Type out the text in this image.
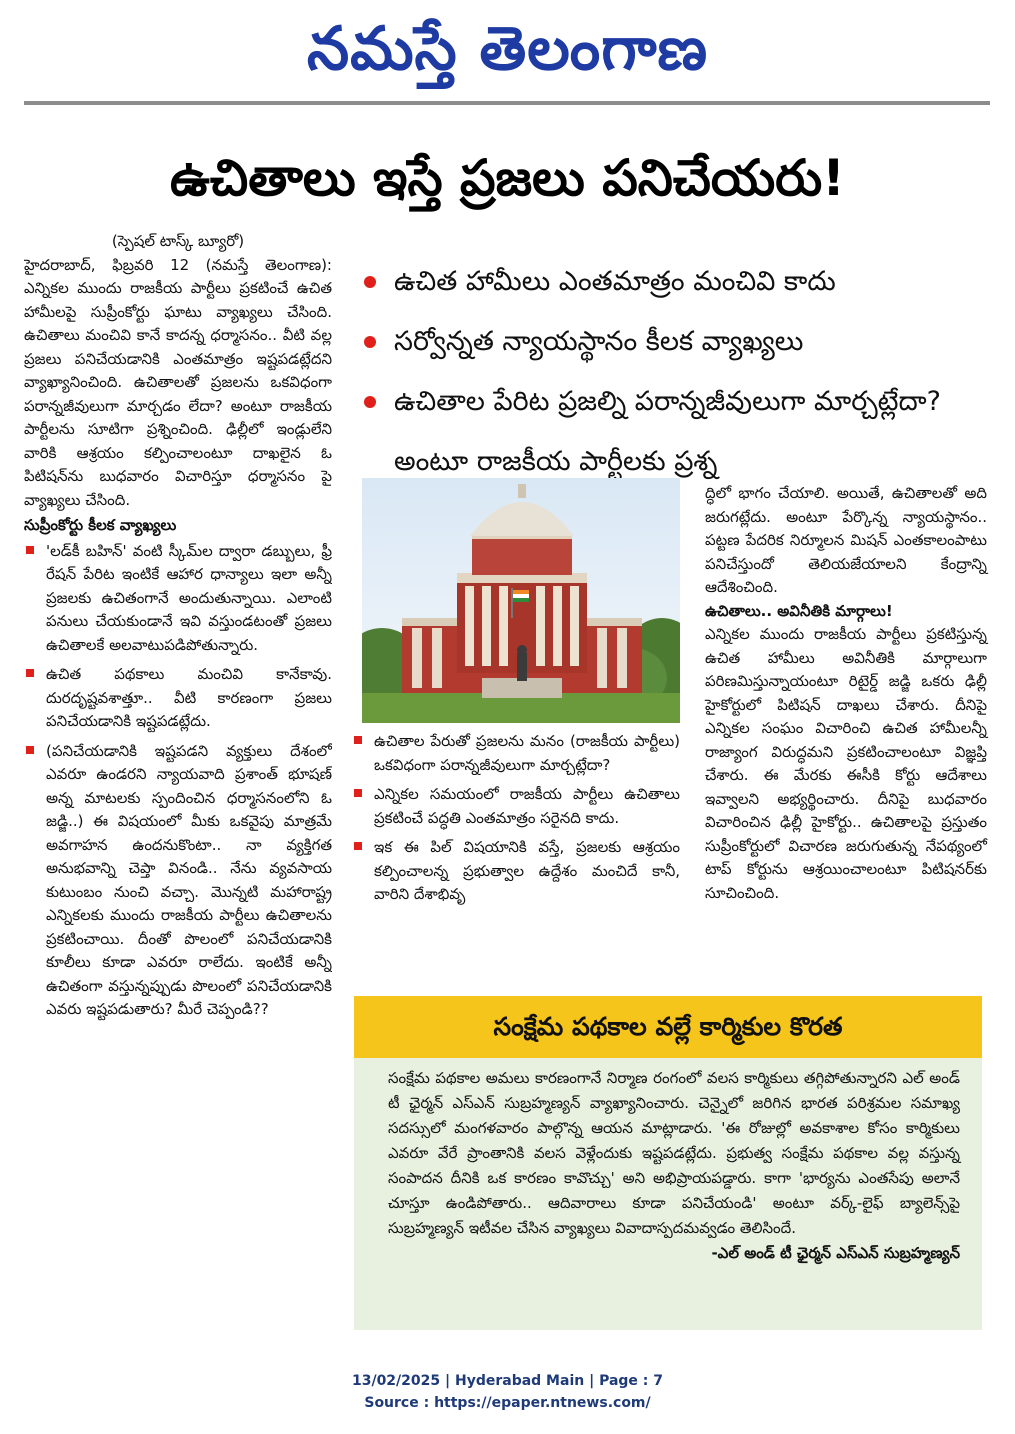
నమస్తే తెలంగాణ
ఉచితాలు ఇస్తే ప్రజలు పనిచేయరు!

(స్పెషల్ టాస్క్ బ్యూరో)

హైదరాబాద్, ఫిబ్రవరి 12 (నమస్తే తెలంగాణ): ఎన్నికల ముందు రాజకీయ పార్టీలు ప్రకటించే ఉచిత హామీలపై సుప్రీంకోర్టు ఘాటు వ్యాఖ్యలు చేసింది. ఉచితాలు మంచివి కానే కాదన్న ధర్మాసనం.. వీటి వల్ల ప్రజలు పనిచేయడానికి ఎంతమాత్రం ఇష్టపడట్లేదని వ్యాఖ్యానించింది. ఉచితాలతో ప్రజలను ఒకవిధంగా పరాన్నజీవులుగా మార్చడం లేదా? అంటూ రాజకీయ పార్టీలను సూటిగా ప్రశ్నించింది. ఢిల్లీలో ఇండ్లులేని వారికి ఆశ్రయం కల్పించాలంటూ దాఖలైన ఓ పిటిషన్‌ను బుధవారం విచారిస్తూ ధర్మాసనం పై వ్యాఖ్యలు చేసింది.

సుప్రీంకోర్టు కీలక వ్యాఖ్యలు

'లడ్‌కీ బహిన్' వంటి స్కీమ్‌ల ద్వారా డబ్బులు, ఫ్రీ రేషన్ పేరిట ఇంటికే ఆహార ధాన్యాలు ఇలా అన్నీ ప్రజలకు ఉచితంగానే అందుతున్నాయి. ఎలాంటి పనులు చేయకుండానే ఇవి వస్తుండటంతో ప్రజలు ఉచితాలకే అలవాటుపడిపోతున్నారు.
ఉచిత పథకాలు మంచివి కానేకావు. దురదృష్టవశాత్తూ.. వీటి కారణంగా ప్రజలు పనిచేయడానికి ఇష్టపడట్లేదు.
(పనిచేయడానికి ఇష్టపడని వ్యక్తులు దేశంలో ఎవరూ ఉండరని న్యాయవాది ప్రశాంత్ భూషణ్ అన్న మాటలకు స్పందించిన ధర్మాసనంలోని ఓ జడ్జి..) ఈ విషయంలో మీకు ఒకవైపు మాత్రమే అవగాహన ఉందనుకొంటా.. నా వ్యక్తిగత అనుభవాన్ని చెప్తా వినండి.. నేను వ్యవసాయ కుటుంబం నుంచి వచ్చా. మొన్నటి మహారాష్ట్ర ఎన్నికలకు ముందు రాజకీయ పార్టీలు ఉచితాలను ప్రకటించాయి. దీంతో పొలంలో పనిచేయడానికి కూలీలు కూడా ఎవరూ రాలేదు. ఇంటికే అన్నీ ఉచితంగా వస్తున్నప్పుడు పొలంలో పనిచేయడానికి ఎవరు ఇష్టపడుతారు? మీరే చెప్పండి??
ఉచిత హామీలు ఎంతమాత్రం మంచివి కాదు
సర్వోన్నత న్యాయస్థానం కీలక వ్యాఖ్యలు
ఉచితాల పేరిట ప్రజల్ని పరాన్నజీవులుగా మార్చట్లేదా? అంటూ రాజకీయ పార్టీలకు ప్రశ్న
ఉచితాల పేరుతో ప్రజలను మనం (రాజకీయ పార్టీలు) ఒకవిధంగా పరాన్నజీవులుగా మార్చట్లేదా?
ఎన్నికల సమయంలో రాజకీయ పార్టీలు ఉచితాలు ప్రకటించే పద్ధతి ఎంతమాత్రం సరైనది కాదు.
ఇక ఈ పిల్ విషయానికి వస్తే, ప్రజలకు ఆశ్రయం కల్పించాలన్న ప్రభుత్వాల ఉద్దేశం మంచిదే కానీ, వారిని దేశాభివృ

ద్ధిలో భాగం చేయాలి. అయితే, ఉచితాలతో అది జరుగట్లేదు. అంటూ పేర్కొన్న న్యాయస్థానం.. పట్టణ పేదరిక నిర్మూలన మిషన్ ఎంతకాలంపాటు పనిచేస్తుందో తెలియజేయాలని కేంద్రాన్ని ఆదేశించింది.

ఉచితాలు.. అవినీతికి మార్గాలు!

ఎన్నికల ముందు రాజకీయ పార్టీలు ప్రకటిస్తున్న ఉచిత హామీలు అవినీతికి మార్గాలుగా పరిణమిస్తున్నాయంటూ రిటైర్డ్ జడ్జి ఒకరు ఢిల్లీ హైకోర్టులో పిటిషన్ దాఖలు చేశారు. దీనిపై ఎన్నికల సంఘం విచారించి ఉచిత హామీలన్నీ రాజ్యాంగ విరుద్ధమని ప్రకటించాలంటూ విజ్ఞప్తి చేశారు. ఈ మేరకు ఈసీకి కోర్టు ఆదేశాలు ఇవ్వాలని అభ్యర్థించారు. దీనిపై బుధవారం విచారించిన ఢిల్లీ హైకోర్టు.. ఉచితాలపై ప్రస్తుతం సుప్రీంకోర్టులో విచారణ జరుగుతున్న నేపథ్యంలో టాప్ కోర్టును ఆశ్రయించాలంటూ పిటిషనర్‌కు సూచించింది.

సంక్షేమ పథకాల వల్లే కార్మికుల కొరత

సంక్షేమ పథకాల అమలు కారణంగానే నిర్మాణ రంగంలో వలస కార్మికులు తగ్గిపోతున్నారని ఎల్ అండ్ టీ ఛైర్మన్ ఎస్ఎన్ సుబ్రహ్మణ్యన్ వ్యాఖ్యానించారు. చెన్నైలో జరిగిన భారత పరిశ్రమల సమాఖ్య సదస్సులో మంగళవారం పాల్గొన్న ఆయన మాట్లాడారు. 'ఈ రోజుల్లో అవకాశాల కోసం కార్మికులు ఎవరూ వేరే ప్రాంతానికి వలస వెళ్లేందుకు ఇష్టపడట్లేదు. ప్రభుత్వ సంక్షేమ పథకాల వల్ల వస్తున్న సంపాదన దీనికి ఒక కారణం కావొచ్చు' అని అభిప్రాయపడ్డారు. కాగా 'భార్యను ఎంతసేపు అలానే చూస్తూ ఉండిపోతారు.. ఆదివారాలు కూడా పనిచేయండి' అంటూ వర్క్-లైఫ్ బ్యాలెన్స్‌పై సుబ్రహ్మణ్యన్ ఇటీవల చేసిన వ్యాఖ్యలు వివాదాస్పదమవ్వడం తెలిసిందే.

-ఎల్ అండ్ టీ ఛైర్మన్ ఎస్ఎన్ సుబ్రహ్మణ్యన్
13/02/2025 | Hyderabad Main | Page : 7
Source : https://epaper.ntnews.com/
